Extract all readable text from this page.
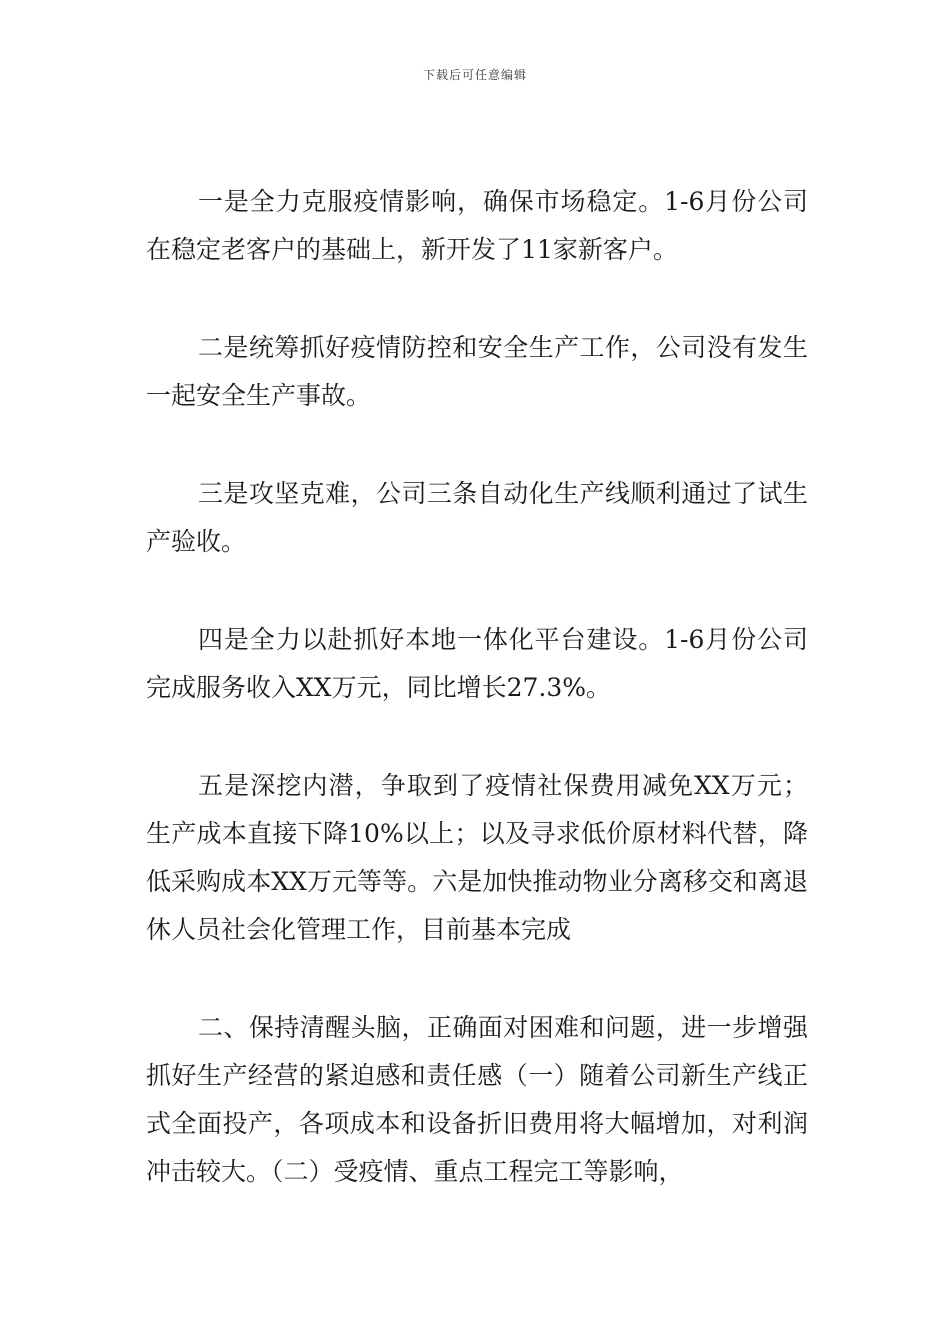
下载后可任意编辑

一是全力克服疫情影响，确保市场稳定。1-6月份公司在稳定老客户的基础上，新开发了11家新客户。

二是统筹抓好疫情防控和安全生产工作，公司没有发生一起安全生产事故。

三是攻坚克难，公司三条自动化生产线顺利通过了试生产验收。

四是全力以赴抓好本地一体化平台建设。1-6月份公司完成服务收入XX万元，同比增长27.3%。

五是深挖内潜，争取到了疫情社保费用减免XX万元；生产成本直接下降10%以上；以及寻求低价原材料代替，降低采购成本XX万元等等。六是加快推动物业分离移交和离退休人员社会化管理工作，目前基本完成

二、保持清醒头脑，正确面对困难和问题，进一步增强抓好生产经营的紧迫感和责任感（一）随着公司新生产线正式全面投产，各项成本和设备折旧费用将大幅增加，对利润冲击较大。（二）受疫情、重点工程完工等影响，
